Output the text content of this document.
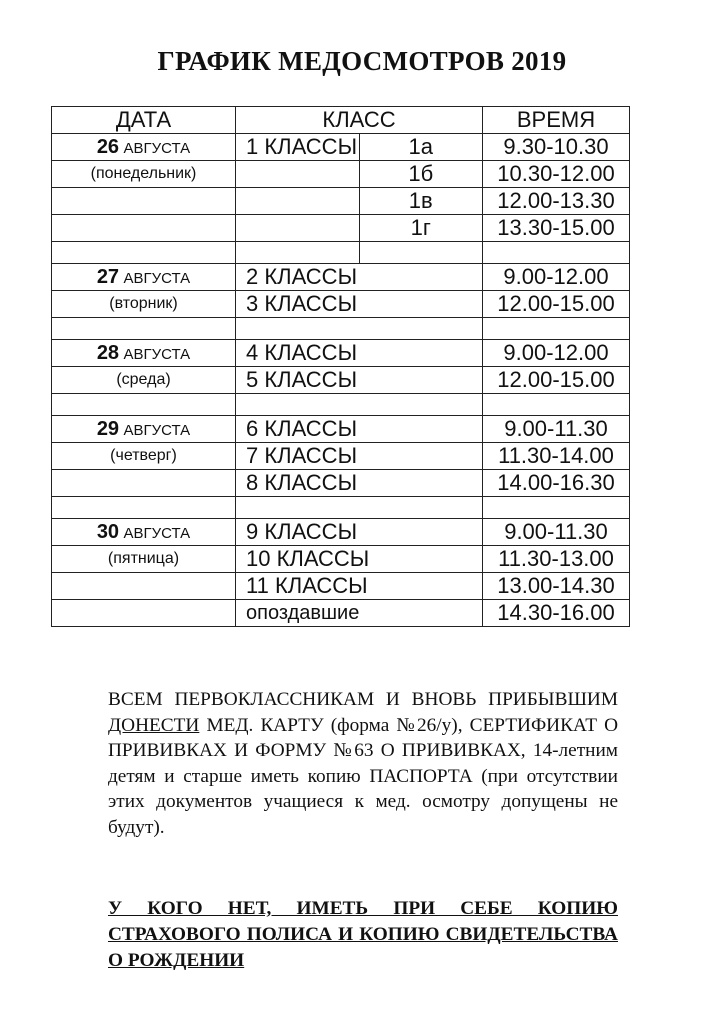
ГРАФИК МЕДОСМОТРОВ 2019
ДАТА	КЛАСС		ВРЕМЯ
26 АВГУСТА	1 КЛАССЫ	1а	9.30-10.30
(понедельник)		1б	10.30-12.00
		1в	12.00-13.30
		1г	13.30-15.00

27 АВГУСТА	2 КЛАССЫ		9.00-12.00
(вторник)	3 КЛАССЫ		12.00-15.00

28 АВГУСТА	4 КЛАССЫ		9.00-12.00
(среда)	5 КЛАССЫ		12.00-15.00

29 АВГУСТА	6 КЛАССЫ		9.00-11.30
(четверг)	7 КЛАССЫ		11.30-14.00
	8 КЛАССЫ		14.00-16.30

30 АВГУСТА	9 КЛАССЫ		9.00-11.30
(пятница)	10 КЛАССЫ		11.30-13.00
	11 КЛАССЫ		13.00-14.30
	опоздавшие		14.30-16.00
ВСЕМ ПЕРВОКЛАССНИКАМ И ВНОВЬ ПРИБЫВШИМ ДОНЕСТИ МЕД. КАРТУ (форма №26/у), СЕРТИФИКАТ О ПРИВИВКАХ И ФОРМУ №63 О ПРИВИВКАХ, 14-летним детям и старше иметь копию ПАСПОРТА (при отсутствии этих документов учащиеся к мед. осмотру допущены не будут).
У КОГО НЕТ, ИМЕТЬ ПРИ СЕБЕ КОПИЮ СТРАХОВОГО ПОЛИСА И КОПИЮ СВИДЕТЕЛЬСТВА О РОЖДЕНИИ
